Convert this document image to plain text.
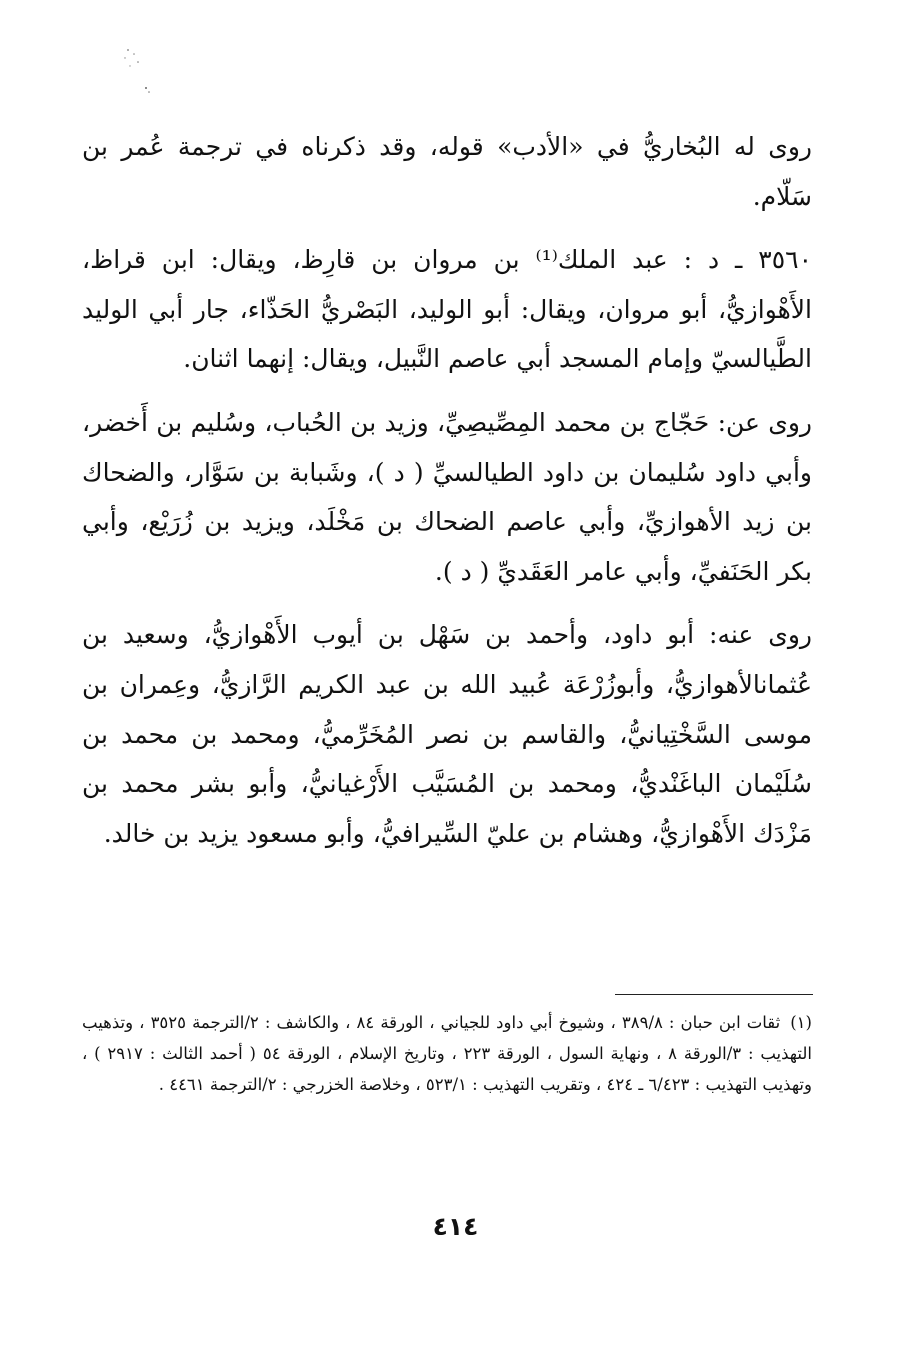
روى له البُخاريُّ في «الأدب» قوله، وقد ذكرناه في ترجمة عُمر بن سَلّام.

٣٥٦٠ ـ د : عبد الملك⁽¹⁾ بن مروان بن قارِظ، ويقال: ابن قراظ، الأَهْوازيُّ، أبو مروان، ويقال: أبو الوليد، البَصْريُّ الحَذّاء، جار أبي الوليد الطَّيالسيّ وإمام المسجد أبي عاصم النَّبيل، ويقال: إنهما اثنان.

روى عن: حَجّاج بن محمد المِصِّيصِيِّ، وزيد بن الحُباب، وسُليم بن أَخضر، وأبي داود سُليمان بن داود الطيالسيِّ ( د )، وشَبابة بن سَوَّار، والضحاك بن زيد الأهوازيِّ، وأبي عاصم الضحاك بن مَخْلَد، ويزيد بن زُرَيْع، وأبي بكر الحَنَفيِّ، وأبي عامر العَقَديِّ ( د ).

روى عنه: أبو داود، وأحمد بن سَهْل بن أيوب الأَهْوازيُّ، وسعيد بن عُثمانالأهوازيُّ، وأبوزُرْعَة عُبيد الله بن عبد الكريم الرَّازيُّ، وعِمران بن موسى السَّخْتِيانيُّ، والقاسم بن نصر المُخَرِّميُّ، ومحمد بن محمد بن سُلَيْمان الباغَنْديُّ، ومحمد بن المُسَيَّب الأَرْغيانيُّ، وأبو بشر محمد بن مَزْدَك الأَهْوازيُّ، وهشام بن عليّ السِّيرافيُّ، وأبو مسعود يزيد بن خالد.

(١)ثقات ابن حبان : ٣٨٩/٨ ، وشيوخ أبي داود للجياني ، الورقة ٨٤ ، والكاشف : ٢/الترجمة ٣٥٢٥ ، وتذهيب التهذيب : ٣/الورقة ٨ ، ونهاية السول ، الورقة ٢٢٣ ، وتاريخ الإسلام ، الورقة ٥٤ ( أحمد الثالث : ٢٩١٧ ) ، وتهذيب التهذيب : ٦/٤٢٣ ـ ٤٢٤ ، وتقريب التهذيب : ٥٢٣/١ ، وخلاصة الخزرجي : ٢/الترجمة ٤٤٦١ .

٤١٤
